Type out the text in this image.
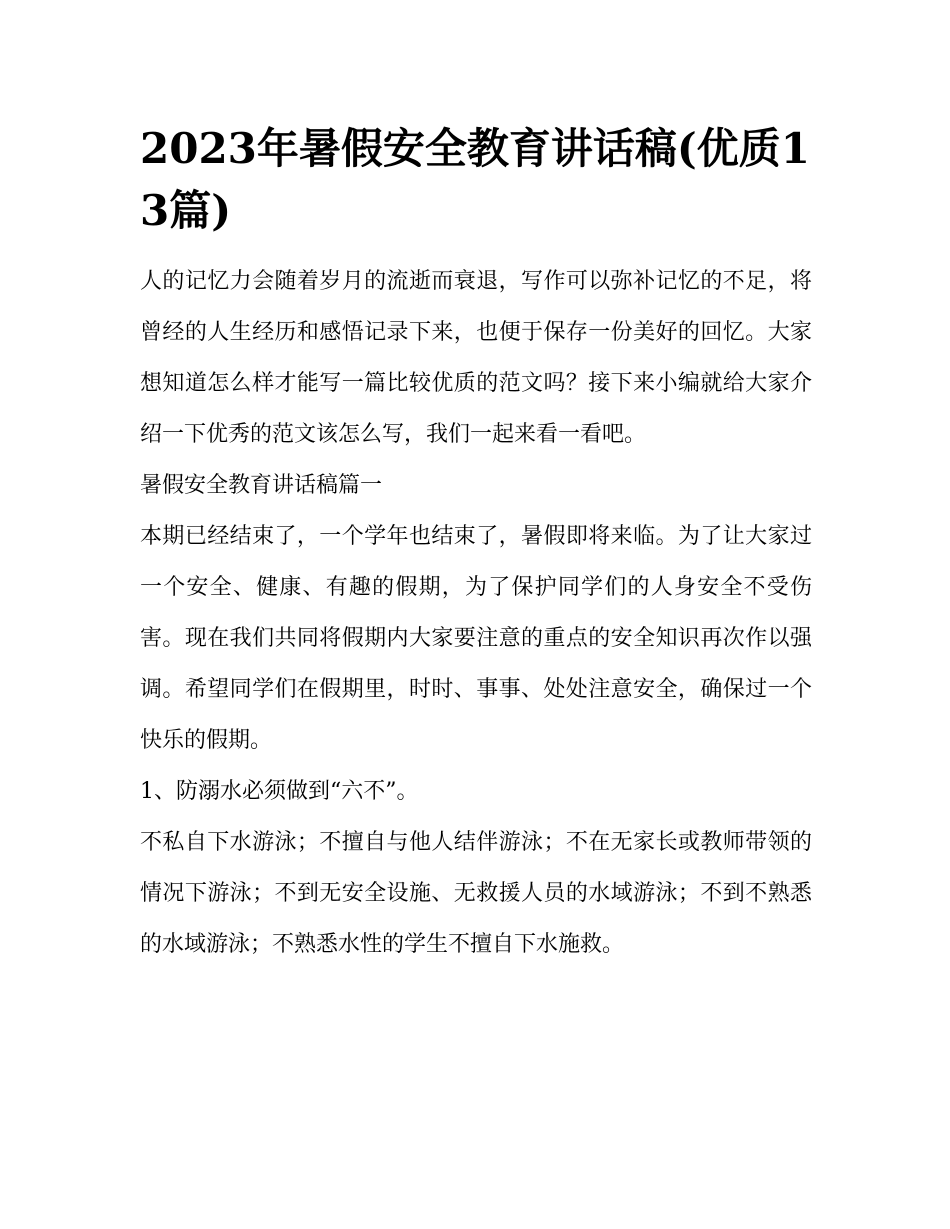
2023年暑假安全教育讲话稿(优质13篇)

人的记忆力会随着岁月的流逝而衰退，写作可以弥补记忆的不足，将曾经的人生经历和感悟记录下来，也便于保存一份美好的回忆。大家想知道怎么样才能写一篇比较优质的范文吗？接下来小编就给大家介绍一下优秀的范文该怎么写，我们一起来看一看吧。

暑假安全教育讲话稿篇一

本期已经结束了，一个学年也结束了，暑假即将来临。为了让大家过一个安全、健康、有趣的假期，为了保护同学们的人身安全不受伤害。现在我们共同将假期内大家要注意的重点的安全知识再次作以强调。希望同学们在假期里，时时、事事、处处注意安全，确保过一个快乐的假期。

1、防溺水必须做到“六不”。

不私自下水游泳；不擅自与他人结伴游泳；不在无家长或教师带领的情况下游泳；不到无安全设施、无救援人员的水域游泳；不到不熟悉的水域游泳；不熟悉水性的学生不擅自下水施救。
